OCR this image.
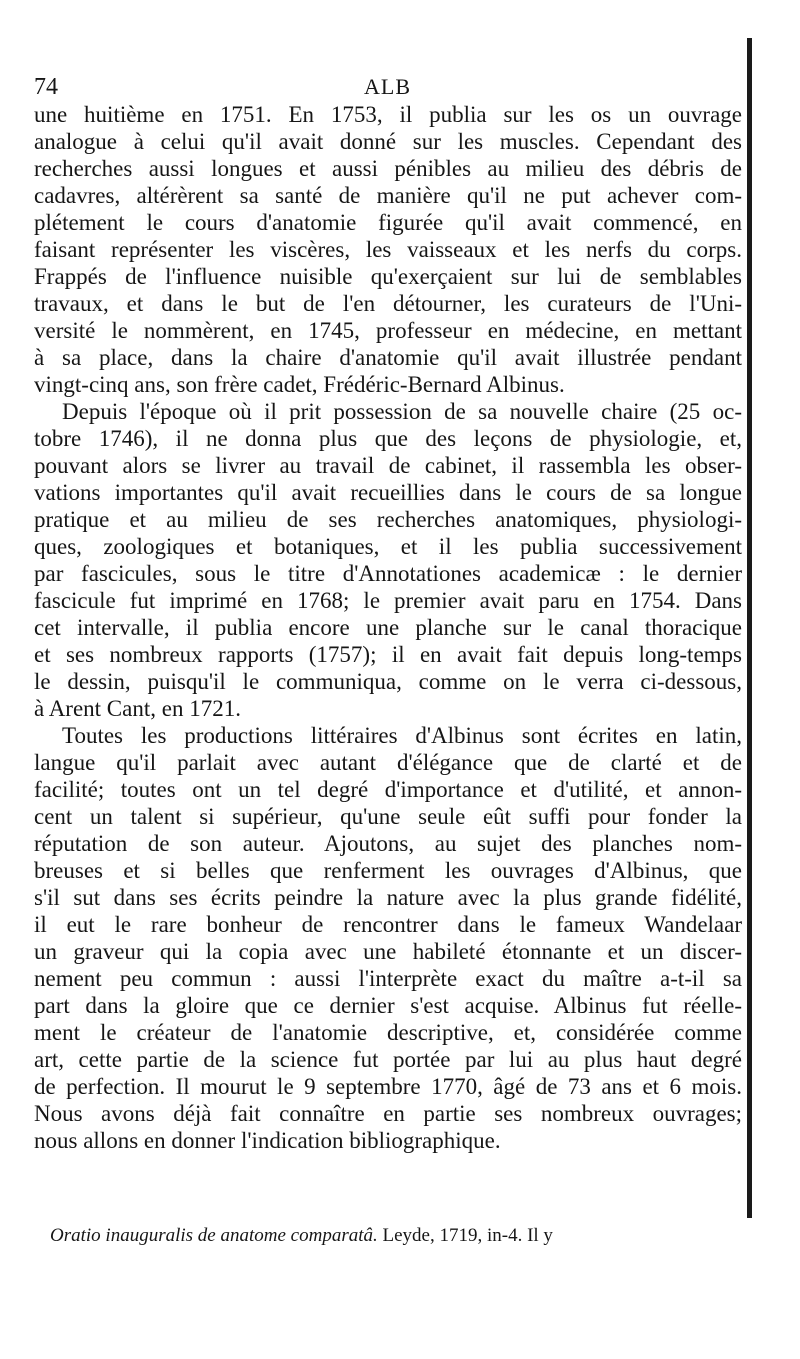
74	ALB
une huitième en 1751. En 1753, il publia sur les os un ouvrage
analogue à celui qu'il avait donné sur les muscles. Cependant des
recherches aussi longues et aussi pénibles au milieu des débris de
cadavres, altérèrent sa santé de manière qu'il ne put achever com-
plétement le cours d'anatomie figurée qu'il avait commencé, en
faisant représenter les viscères, les vaisseaux et les nerfs du corps.
Frappés de l'influence nuisible qu'exerçaient sur lui de semblables
travaux, et dans le but de l'en détourner, les curateurs de l'Uni-
versité le nommèrent, en 1745, professeur en médecine, en mettant
à sa place, dans la chaire d'anatomie qu'il avait illustrée pendant
vingt-cinq ans, son frère cadet, Frédéric-Bernard Albinus.
Depuis l'époque où il prit possession de sa nouvelle chaire (25 oc-
tobre 1746), il ne donna plus que des leçons de physiologie, et,
pouvant alors se livrer au travail de cabinet, il rassembla les obser-
vations importantes qu'il avait recueillies dans le cours de sa longue
pratique et au milieu de ses recherches anatomiques, physiologi-
ques, zoologiques et botaniques, et il les publia successivement
par fascicules, sous le titre d'Annotationes academicæ : le dernier
fascicule fut imprimé en 1768; le premier avait paru en 1754. Dans
cet intervalle, il publia encore une planche sur le canal thoracique
et ses nombreux rapports (1757); il en avait fait depuis long-temps
le dessin, puisqu'il le communiqua, comme on le verra ci-dessous,
à Arent Cant, en 1721.
Toutes les productions littéraires d'Albinus sont écrites en latin,
langue qu'il parlait avec autant d'élégance que de clarté et de
facilité; toutes ont un tel degré d'importance et d'utilité, et annon-
cent un talent si supérieur, qu'une seule eût suffi pour fonder la
réputation de son auteur. Ajoutons, au sujet des planches nom-
breuses et si belles que renferment les ouvrages d'Albinus, que
s'il sut dans ses écrits peindre la nature avec la plus grande fidélité,
il eut le rare bonheur de rencontrer dans le fameux Wandelaar
un graveur qui la copia avec une habileté étonnante et un discer-
nement peu commun : aussi l'interprète exact du maître a-t-il sa
part dans la gloire que ce dernier s'est acquise. Albinus fut réelle-
ment le créateur de l'anatomie descriptive, et, considérée comme
art, cette partie de la science fut portée par lui au plus haut degré
de perfection. Il mourut le 9 septembre 1770, âgé de 73 ans et 6 mois.
Nous avons déjà fait connaître en partie ses nombreux ouvrages;
nous allons en donner l'indication bibliographique.
Oratio inauguralis de anatome comparatâ. Leyde, 1719, in-4. Il y
